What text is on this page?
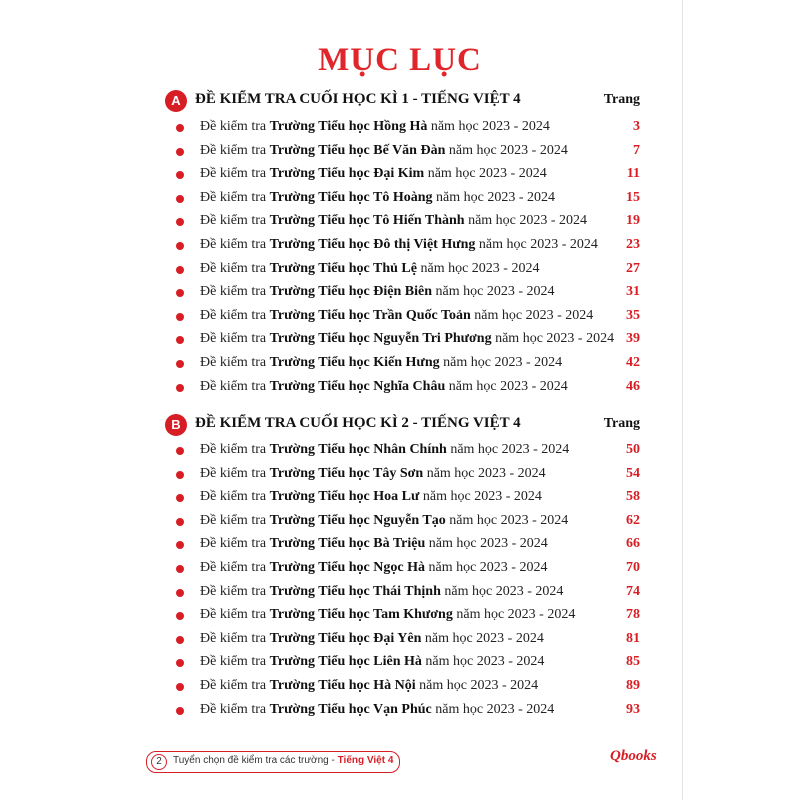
MỤC LỤC
A ĐỀ KIỂM TRA CUỐI HỌC KÌ 1 - TIẾNG VIỆT 4	Trang
Đề kiểm tra Trường Tiểu học Hồng Hà năm học 2023 - 2024	3
Đề kiểm tra Trường Tiểu học Bế Văn Đàn năm học 2023 - 2024	7
Đề kiểm tra Trường Tiểu học Đại Kim năm học 2023 - 2024	11
Đề kiểm tra Trường Tiểu học Tô Hoàng năm học 2023 - 2024	15
Đề kiểm tra Trường Tiểu học Tô Hiến Thành năm học 2023 - 2024	19
Đề kiểm tra Trường Tiểu học Đô thị Việt Hưng năm học 2023 - 2024	23
Đề kiểm tra Trường Tiểu học Thủ Lệ năm học 2023 - 2024	27
Đề kiểm tra Trường Tiểu học Điện Biên năm học 2023 - 2024	31
Đề kiểm tra Trường Tiểu học Trần Quốc Toản năm học 2023 - 2024	35
Đề kiểm tra Trường Tiểu học Nguyễn Tri Phương năm học 2023 - 2024 39
Đề kiểm tra Trường Tiểu học Kiến Hưng năm học 2023 - 2024	42
Đề kiểm tra Trường Tiểu học Nghĩa Châu năm học 2023 - 2024	46
B ĐỀ KIỂM TRA CUỐI HỌC KÌ 2 - TIẾNG VIỆT 4	Trang
Đề kiểm tra Trường Tiểu học Nhân Chính năm học 2023 - 2024	50
Đề kiểm tra Trường Tiểu học Tây Sơn năm học 2023 - 2024	54
Đề kiểm tra Trường Tiểu học Hoa Lư năm học 2023 - 2024	58
Đề kiểm tra Trường Tiểu học Nguyễn Tạo năm học 2023 - 2024	62
Đề kiểm tra Trường Tiểu học Bà Triệu năm học 2023 - 2024	66
Đề kiểm tra Trường Tiểu học Ngọc Hà năm học 2023 - 2024	70
Đề kiểm tra Trường Tiểu học Thái Thịnh năm học 2023 - 2024	74
Đề kiểm tra Trường Tiểu học Tam Khương năm học 2023 - 2024	78
Đề kiểm tra Trường Tiểu học Đại Yên năm học 2023 - 2024	81
Đề kiểm tra Trường Tiểu học Liên Hà năm học 2023 - 2024	85
Đề kiểm tra Trường Tiểu học Hà Nội năm học 2023 - 2024	89
Đề kiểm tra Trường Tiểu học Vạn Phúc năm học 2023 - 2024	93
2	Tuyển chọn đề kiểm tra các trường - Tiếng Việt 4	Qbooks
